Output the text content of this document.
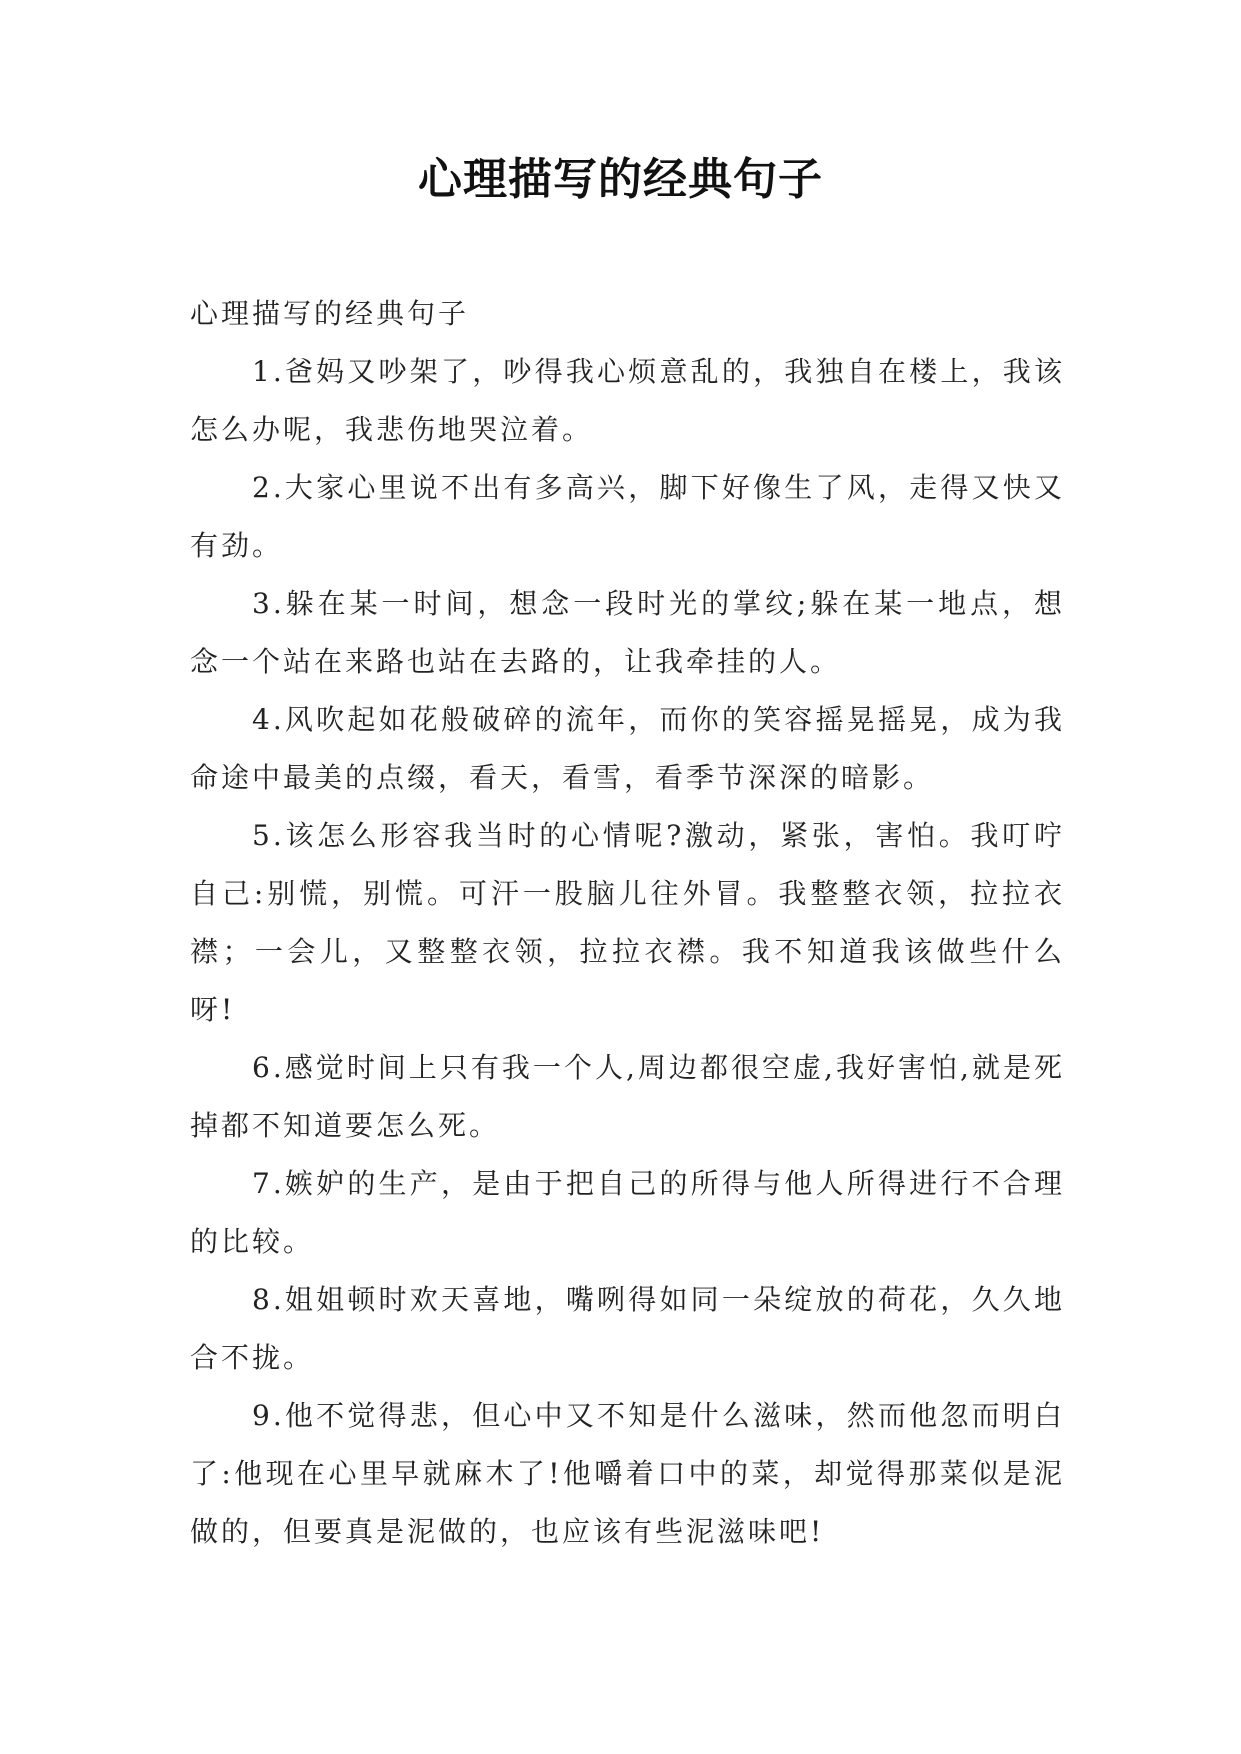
心理描写的经典句子
心理描写的经典句子

1.爸妈又吵架了，吵得我心烦意乱的，我独自在楼上，我该怎么办呢，我悲伤地哭泣着。

2.大家心里说不出有多高兴，脚下好像生了风，走得又快又有劲。

3.躲在某一时间，想念一段时光的掌纹;躲在某一地点，想念一个站在来路也站在去路的，让我牵挂的人。

4.风吹起如花般破碎的流年，而你的笑容摇晃摇晃，成为我命途中最美的点缀，看天，看雪，看季节深深的暗影。

5.该怎么形容我当时的心情呢?激动，紧张，害怕。我叮咛自己:别慌，别慌。可汗一股脑儿往外冒。我整整衣领，拉拉衣襟；一会儿，又整整衣领，拉拉衣襟。我不知道我该做些什么呀!

6.感觉时间上只有我一个人,周边都很空虚,我好害怕,就是死掉都不知道要怎么死。

7.嫉妒的生产，是由于把自己的所得与他人所得进行不合理的比较。

8.姐姐顿时欢天喜地，嘴咧得如同一朵绽放的荷花，久久地合不拢。

9.他不觉得悲，但心中又不知是什么滋味，然而他忽而明白了:他现在心里早就麻木了!他嚼着口中的菜，却觉得那菜似是泥做的，但要真是泥做的，也应该有些泥滋味吧!
